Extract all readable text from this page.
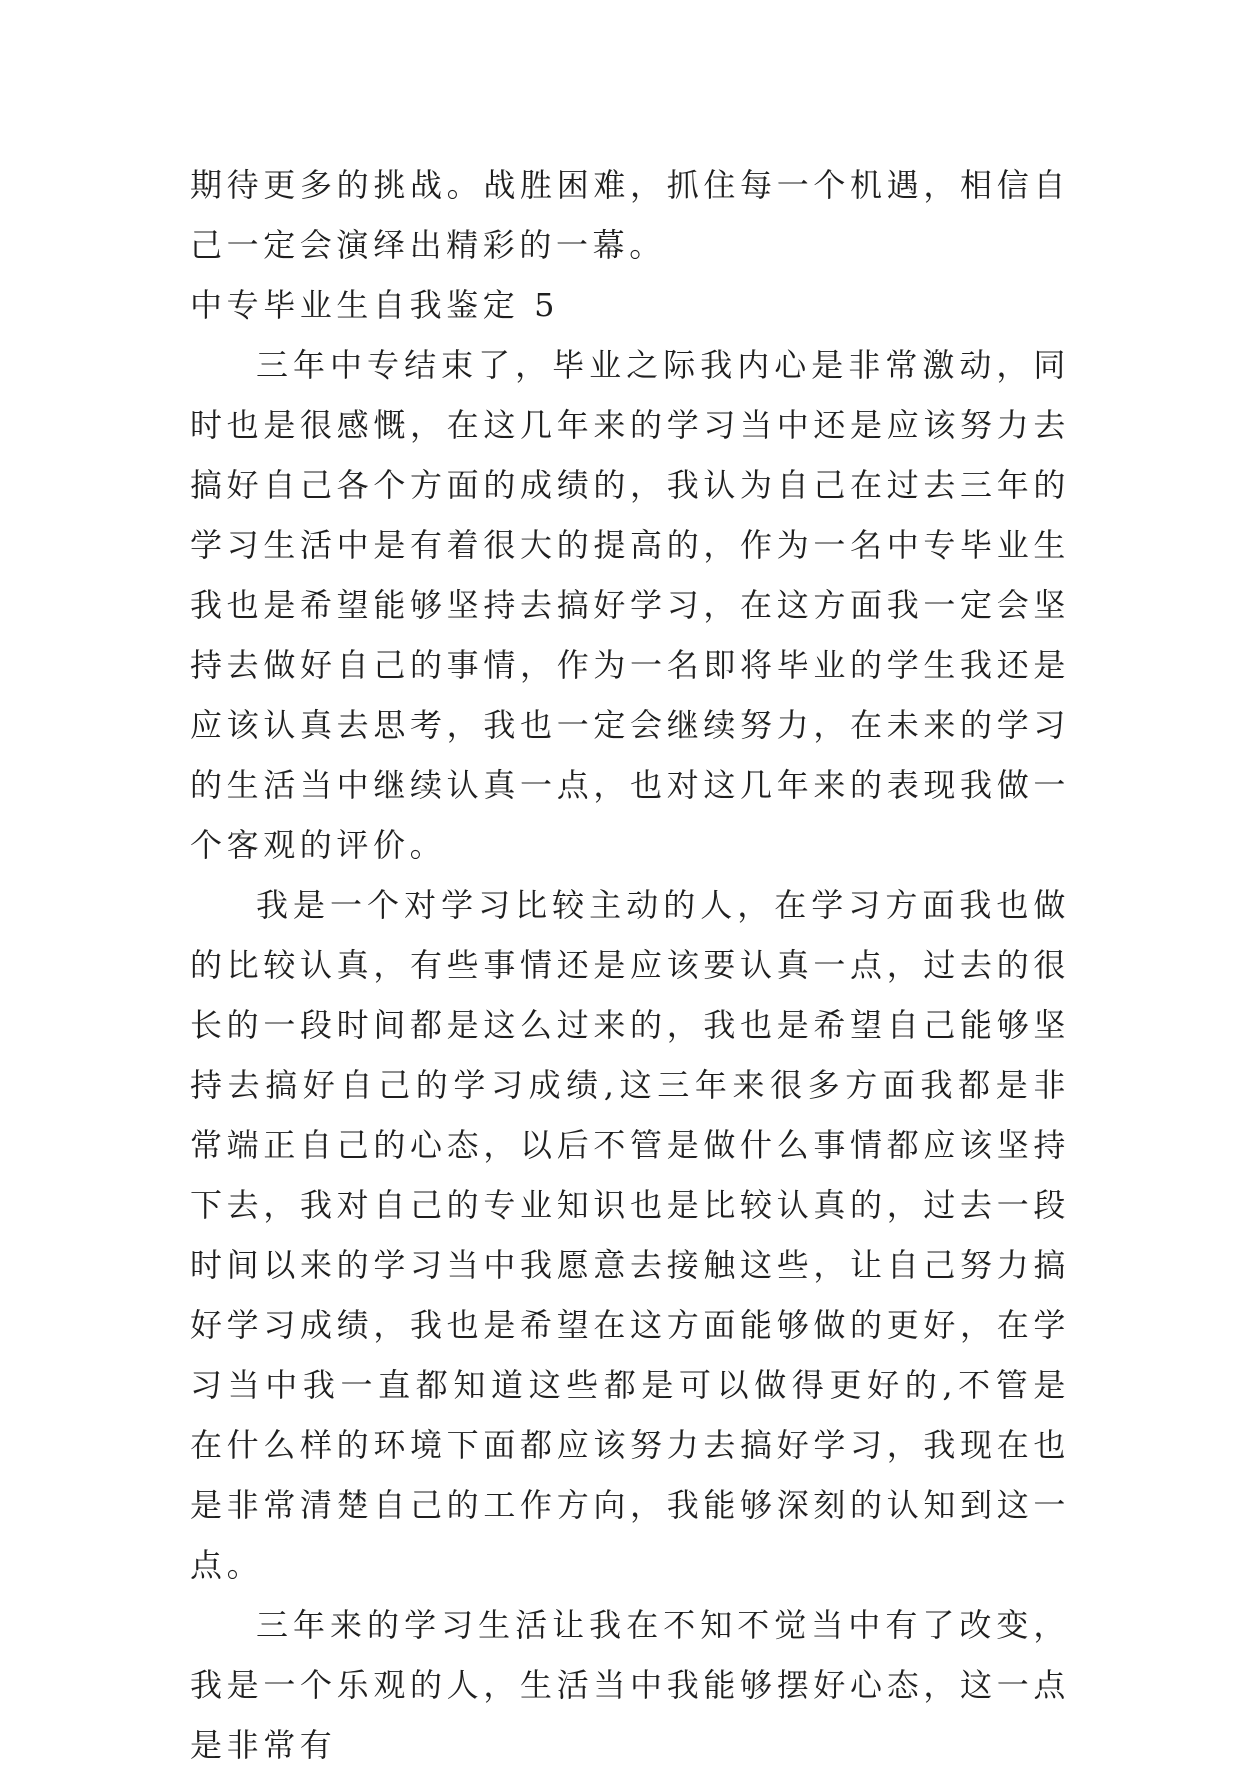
期待更多的挑战。战胜困难，抓住每一个机遇，相信自己一定会演绎出精彩的一幕。

中专毕业生自我鉴定 5

三年中专结束了，毕业之际我内心是非常激动，同时也是很感慨，在这几年来的学习当中还是应该努力去搞好自己各个方面的成绩的，我认为自己在过去三年的学习生活中是有着很大的提高的，作为一名中专毕业生我也是希望能够坚持去搞好学习，在这方面我一定会坚持去做好自己的事情，作为一名即将毕业的学生我还是应该认真去思考，我也一定会继续努力，在未来的学习的生活当中继续认真一点，也对这几年来的表现我做一个客观的评价。

我是一个对学习比较主动的人，在学习方面我也做的比较认真，有些事情还是应该要认真一点，过去的很长的一段时间都是这么过来的，我也是希望自己能够坚持去搞好自己的学习成绩,这三年来很多方面我都是非常端正自己的心态，以后不管是做什么事情都应该坚持下去，我对自己的专业知识也是比较认真的，过去一段时间以来的学习当中我愿意去接触这些，让自己努力搞好学习成绩，我也是希望在这方面能够做的更好，在学习当中我一直都知道这些都是可以做得更好的,不管是在什么样的环境下面都应该努力去搞好学习，我现在也是非常清楚自己的工作方向，我能够深刻的认知到这一点。

三年来的学习生活让我在不知不觉当中有了改变，我是一个乐观的人，生活当中我能够摆好心态，这一点是非常有
